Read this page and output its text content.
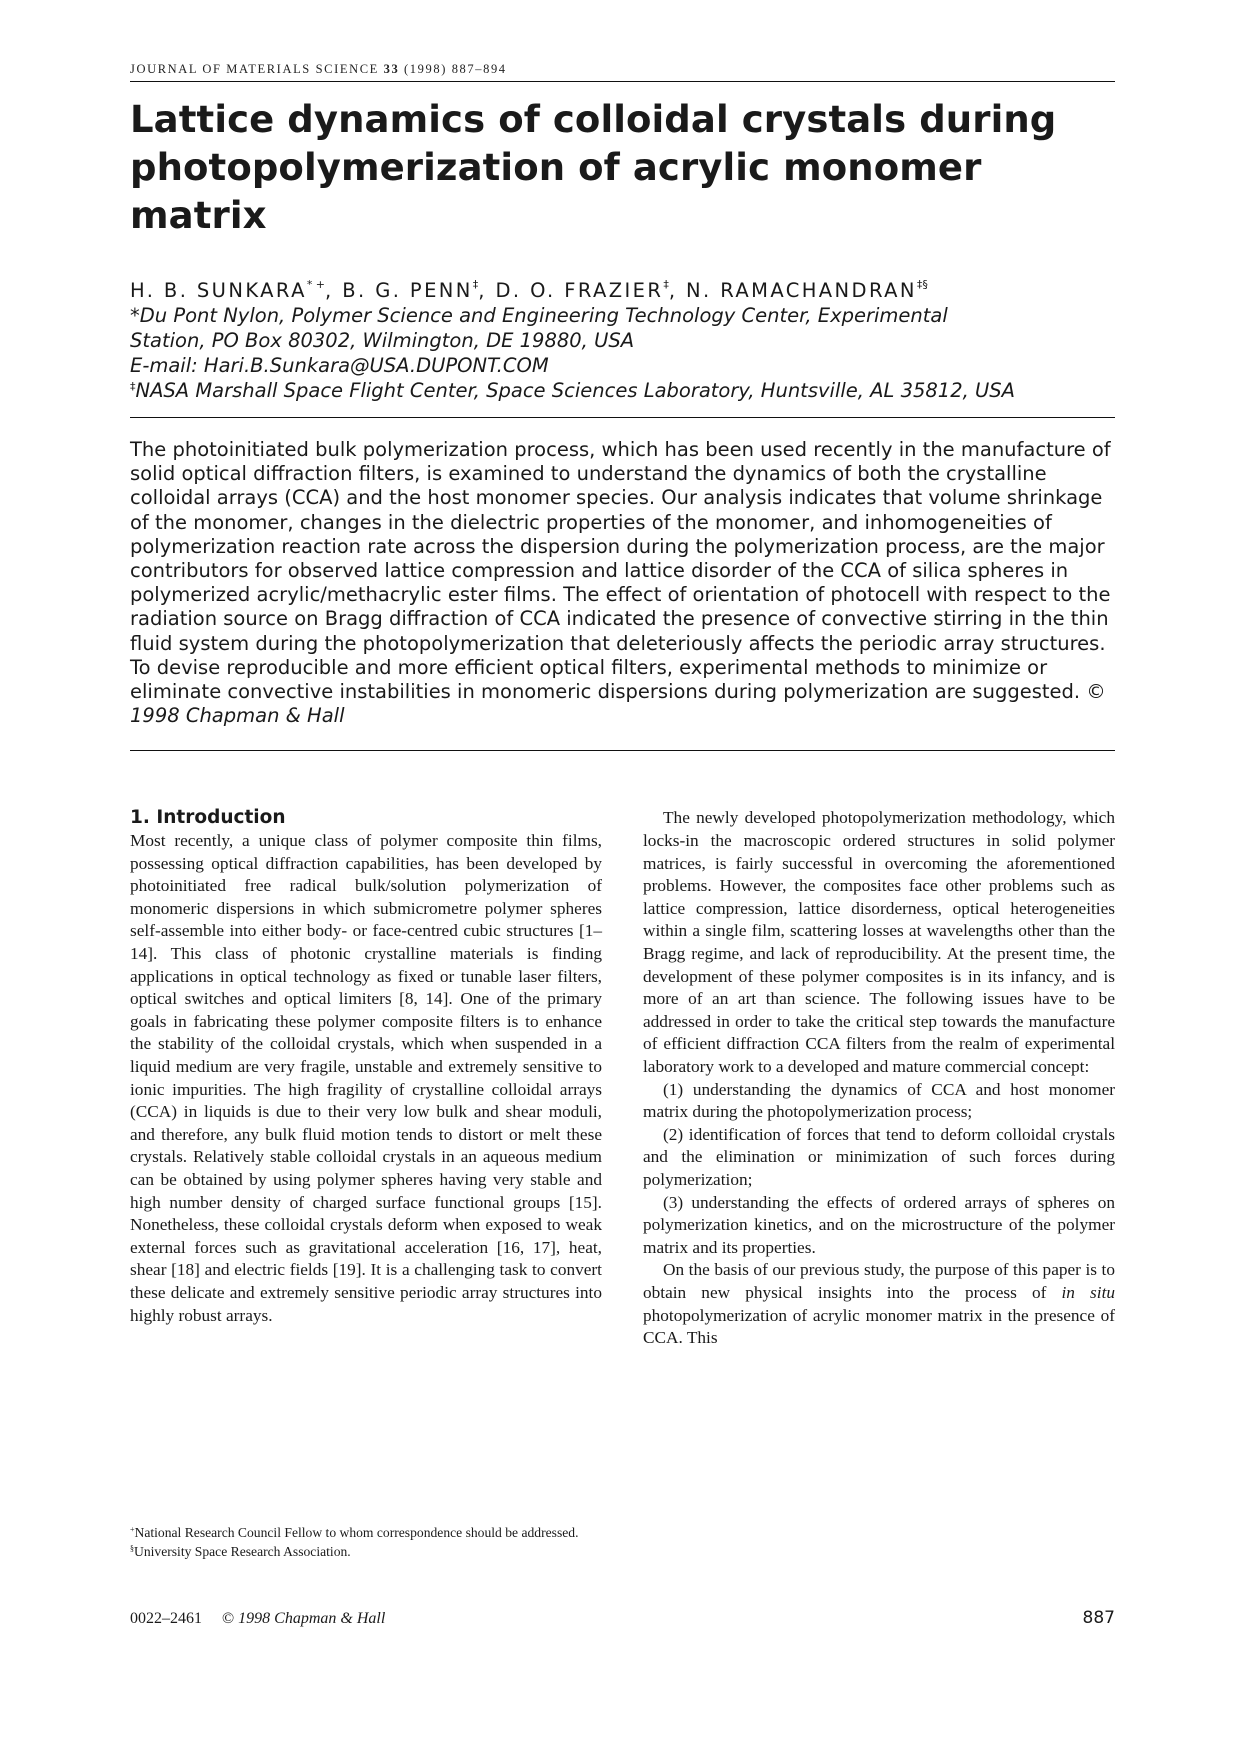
JOURNAL OF MATERIALS SCIENCE 33 (1998) 887–894
Lattice dynamics of colloidal crystals during
photopolymerization of acrylic monomer matrix
H. B. SUNKARA* +, B. G. PENN‡, D. O. FRAZIER‡, N. RAMACHANDRAN‡§
*Du Pont Nylon, Polymer Science and Engineering Technology Center, Experimental
Station, PO Box 80302, Wilmington, DE 19880, USA
E-mail: Hari.B.Sunkara@USA.DUPONT.COM
‡NASA Marshall Space Flight Center, Space Sciences Laboratory, Huntsville, AL 35812, USA
The photoinitiated bulk polymerization process, which has been used recently in the manufacture of solid optical diffraction filters, is examined to understand the dynamics of both the crystalline colloidal arrays (CCA) and the host monomer species. Our analysis indicates that volume shrinkage of the monomer, changes in the dielectric properties of the monomer, and inhomogeneities of polymerization reaction rate across the dispersion during the polymerization process, are the major contributors for observed lattice compression and lattice disorder of the CCA of silica spheres in polymerized acrylic/methacrylic ester films. The effect of orientation of photocell with respect to the radiation source on Bragg diffraction of CCA indicated the presence of convective stirring in the thin fluid system during the photopolymerization that deleteriously affects the periodic array structures. To devise reproducible and more efficient optical filters, experimental methods to minimize or eliminate convective instabilities in monomeric dispersions during polymerization are suggested. © 1998 Chapman & Hall
1. Introduction

Most recently, a unique class of polymer composite thin films, possessing optical diffraction capabilities, has been developed by photoinitiated free radical bulk/solution polymerization of monomeric dispersions in which submicrometre polymer spheres self-assemble into either body- or face-centred cubic structures [1–14]. This class of photonic crystalline materials is finding applications in optical technology as fixed or tunable laser filters, optical switches and optical limiters [8, 14]. One of the primary goals in fabricating these polymer composite filters is to enhance the stability of the colloidal crystals, which when suspended in a liquid medium are very fragile, unstable and extremely sensitive to ionic impurities. The high fragility of crystalline colloidal arrays (CCA) in liquids is due to their very low bulk and shear moduli, and therefore, any bulk fluid motion tends to distort or melt these crystals. Relatively stable colloidal crystals in an aqueous medium can be obtained by using polymer spheres having very stable and high number density of charged surface functional groups [15]. Nonetheless, these colloidal crystals deform when exposed to weak external forces such as gravitational acceleration [16, 17], heat, shear [18] and electric fields [19]. It is a challenging task to convert these delicate and extremely sensitive periodic array structures into highly robust arrays.

The newly developed photopolymerization methodology, which locks-in the macroscopic ordered structures in solid polymer matrices, is fairly successful in overcoming the aforementioned problems. However, the composites face other problems such as lattice compression, lattice disorderness, optical heterogeneities within a single film, scattering losses at wavelengths other than the Bragg regime, and lack of reproducibility. At the present time, the development of these polymer composites is in its infancy, and is more of an art than science. The following issues have to be addressed in order to take the critical step towards the manufacture of efficient diffraction CCA filters from the realm of experimental laboratory work to a developed and mature commercial concept:

(1) understanding the dynamics of CCA and host monomer matrix during the photopolymerization process;

(2) identification of forces that tend to deform colloidal crystals and the elimination or minimization of such forces during polymerization;

(3) understanding the effects of ordered arrays of spheres on polymerization kinetics, and on the microstructure of the polymer matrix and its properties.

On the basis of our previous study, the purpose of this paper is to obtain new physical insights into the process of in situ photopolymerization of acrylic monomer matrix in the presence of CCA. This

+National Research Council Fellow to whom correspondence should be addressed.
§University Space Research Association.
0022–2461 © 1998 Chapman & Hall	887
